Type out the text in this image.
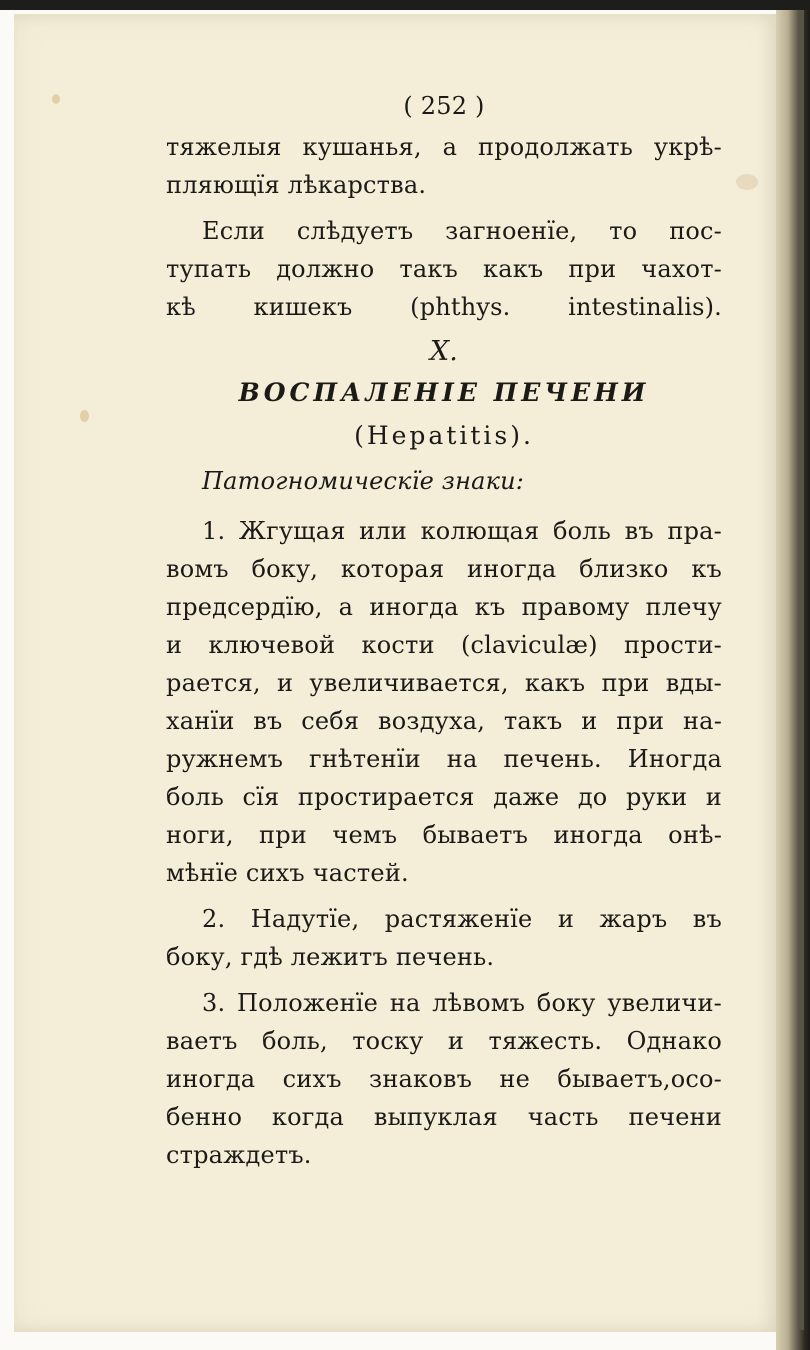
( 252 )
тяжелыя кушанья, а продолжать укрѣ-
пляющїя лѣкарства.
Если слѣдуетъ загноенїе, то пос-
тупать должно такъ какъ при чахот-
кѣ кишекъ (phthys. intestinalis).
X.
ВОСПАЛЕНIЕ ПЕЧЕНИ
(Hepatitis).
Патогномическїе знаки:
1. Жгущая или колющая боль въ пра-
вомъ боку, которая иногда близко къ
предсердїю, а иногда къ правому плечу
и ключевой кости (claviculæ) прости-
рается, и увеличивается, какъ при вды-
ханїи въ себя воздуха, такъ и при на-
ружнемъ гнѣтенїи на печень. Иногда
боль сїя простирается даже до руки и
ноги, при чемъ бываетъ иногда онѣ-
мѣнїе сихъ частей.
2. Надутїе, растяженїе и жаръ въ
боку, гдѣ лежитъ печень.
3. Положенїе на лѣвомъ боку увеличи-
ваетъ боль, тоску и тяжесть. Однако
иногда сихъ знаковъ не бываетъ,осо-
бенно когда выпуклая часть печени
страждетъ.
